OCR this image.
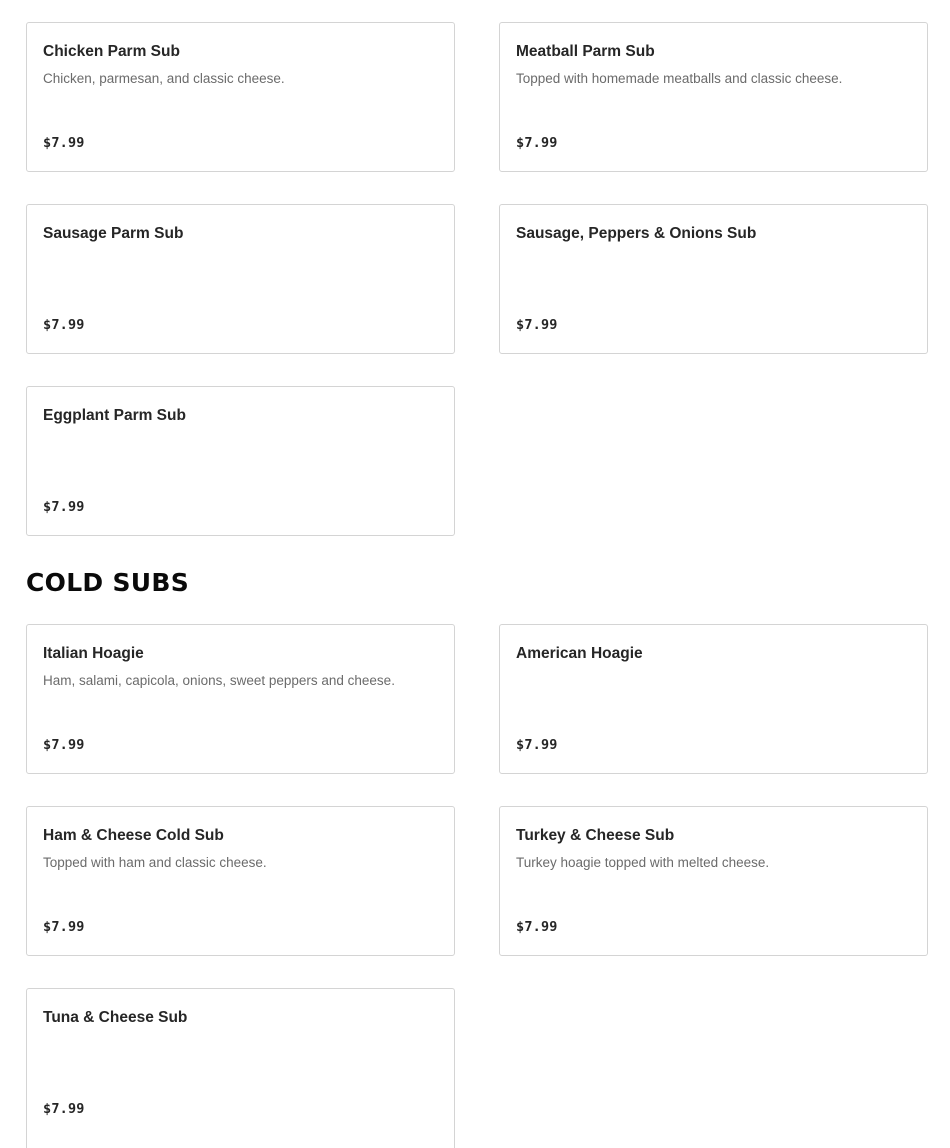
Chicken Parm Sub
Chicken, parmesan, and classic cheese.
$7.99
Meatball Parm Sub
Topped with homemade meatballs and classic cheese.
$7.99
Sausage Parm Sub
$7.99
Sausage, Peppers & Onions Sub
$7.99
Eggplant Parm Sub
$7.99
COLD SUBS
Italian Hoagie
Ham, salami, capicola, onions, sweet peppers and cheese.
$7.99
American Hoagie
$7.99
Ham & Cheese Cold Sub
Topped with ham and classic cheese.
$7.99
Turkey & Cheese Sub
Turkey hoagie topped with melted cheese.
$7.99
Tuna & Cheese Sub
$7.99
